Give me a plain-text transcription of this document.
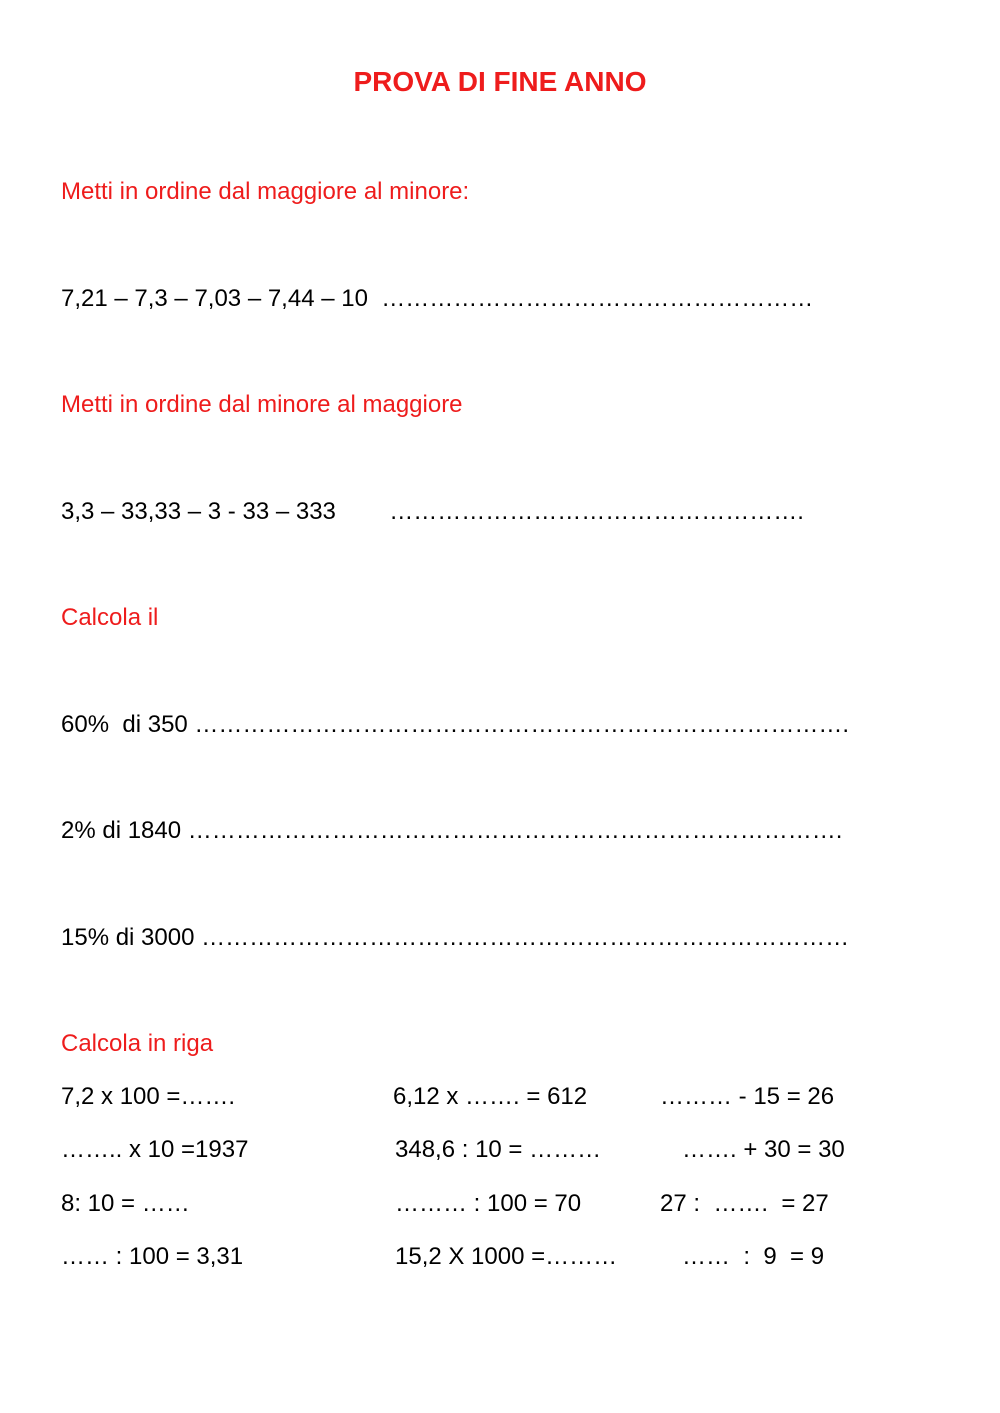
PROVA DI FINE ANNO
Metti in ordine dal maggiore al minore:
7,21 – 7,3 – 7,03 – 7,44 – 10  ………………………………………………
Metti in ordine dal minore al maggiore
3,3 – 33,33 – 3 - 33 – 333        …………………………………………….
Calcola il
60%  di 350 ……………………………………………………………………….
2% di 1840 ……………………………………………………………………….
15% di 3000 ………………………………………………………………………
Calcola in riga
7,2 x 100 =…….	6,12 x ……. = 612	……… - 15 = 26
…….. x 10 =1937	348,6 : 10 = ………	……. + 30 = 30
8: 10 = ……	……… : 100 = 70	27 :  …….  = 27
…… : 100 = 3,31	15,2 X 1000 =………	……  :  9  = 9
